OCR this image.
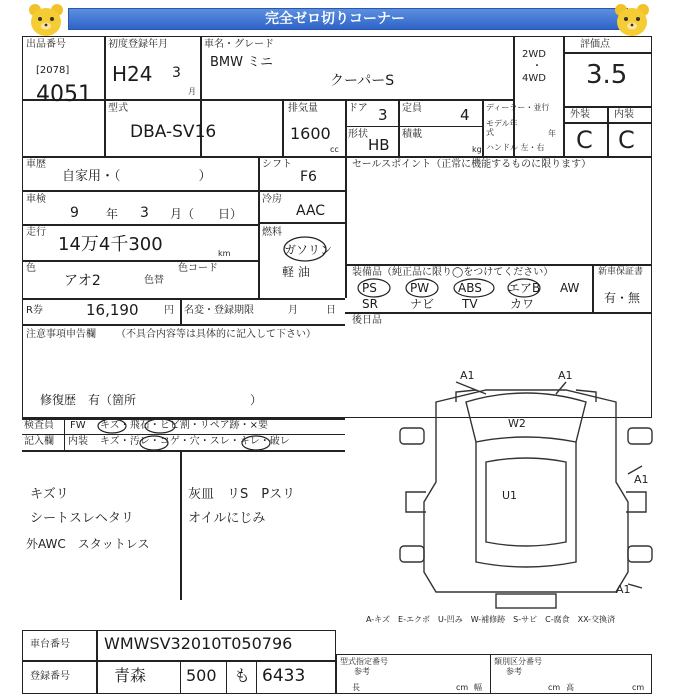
完全ゼロ切りコーナー
出品番号
[2078]
4051
初度登録年月
H24 3
月
車名・グレード
BMW ミニ
クーパーS
2WD
・
4WD
評価点
3.5
外装 内装
C C
型式
DBA-SV16
排気量
1600
cc
ドア 3
形状
HB
定員	4
積載
kg
ディーラー・並行
モデル年式	年
ハンドル 左・右
車歴
自家用・（　　　　　　）
シフト
F6
車検
9 年 3 月（　　日）
冷房
AAC
走行
14万4千300	km
燃料
ガソリン
軽 油
色
アオ2	色替
色コード
R券	16,190	円 名変・登録期限	月	日
セールスポイント（正常に機能するものに限ります）
装備品（純正品に限り◯をつけてください）	新車保証書
有・無
PS	PW ABS エアB AW
SR	ナビ TV	カワ
後日品
注意事項申告欄 （不具合内容等は具体的に記入して下さい）
修復歴　有（箇所	）
検査員
記入欄
FW キズ・飛石・ヒビ割・リペア跡・×要
内装 キズ・汚レ・コゲ・穴・スレ・キレ・破レ
キズリ
シートスレヘタリ
外AWC　スタットレス
灰皿　リS　Pスリ
オイルにじみ
A1	A1
W2
U1
A1
A1
A-キズ　E-エクボ　U-凹み　W-補修跡　S-サビ　C-腐食　XX-交換済
車台番号 WMWSV32010T050796
登録番号	青森 500 も 6433
型式指定番号
参考
類別区分番号
参考
長	cm 幅	cm 高	cm
